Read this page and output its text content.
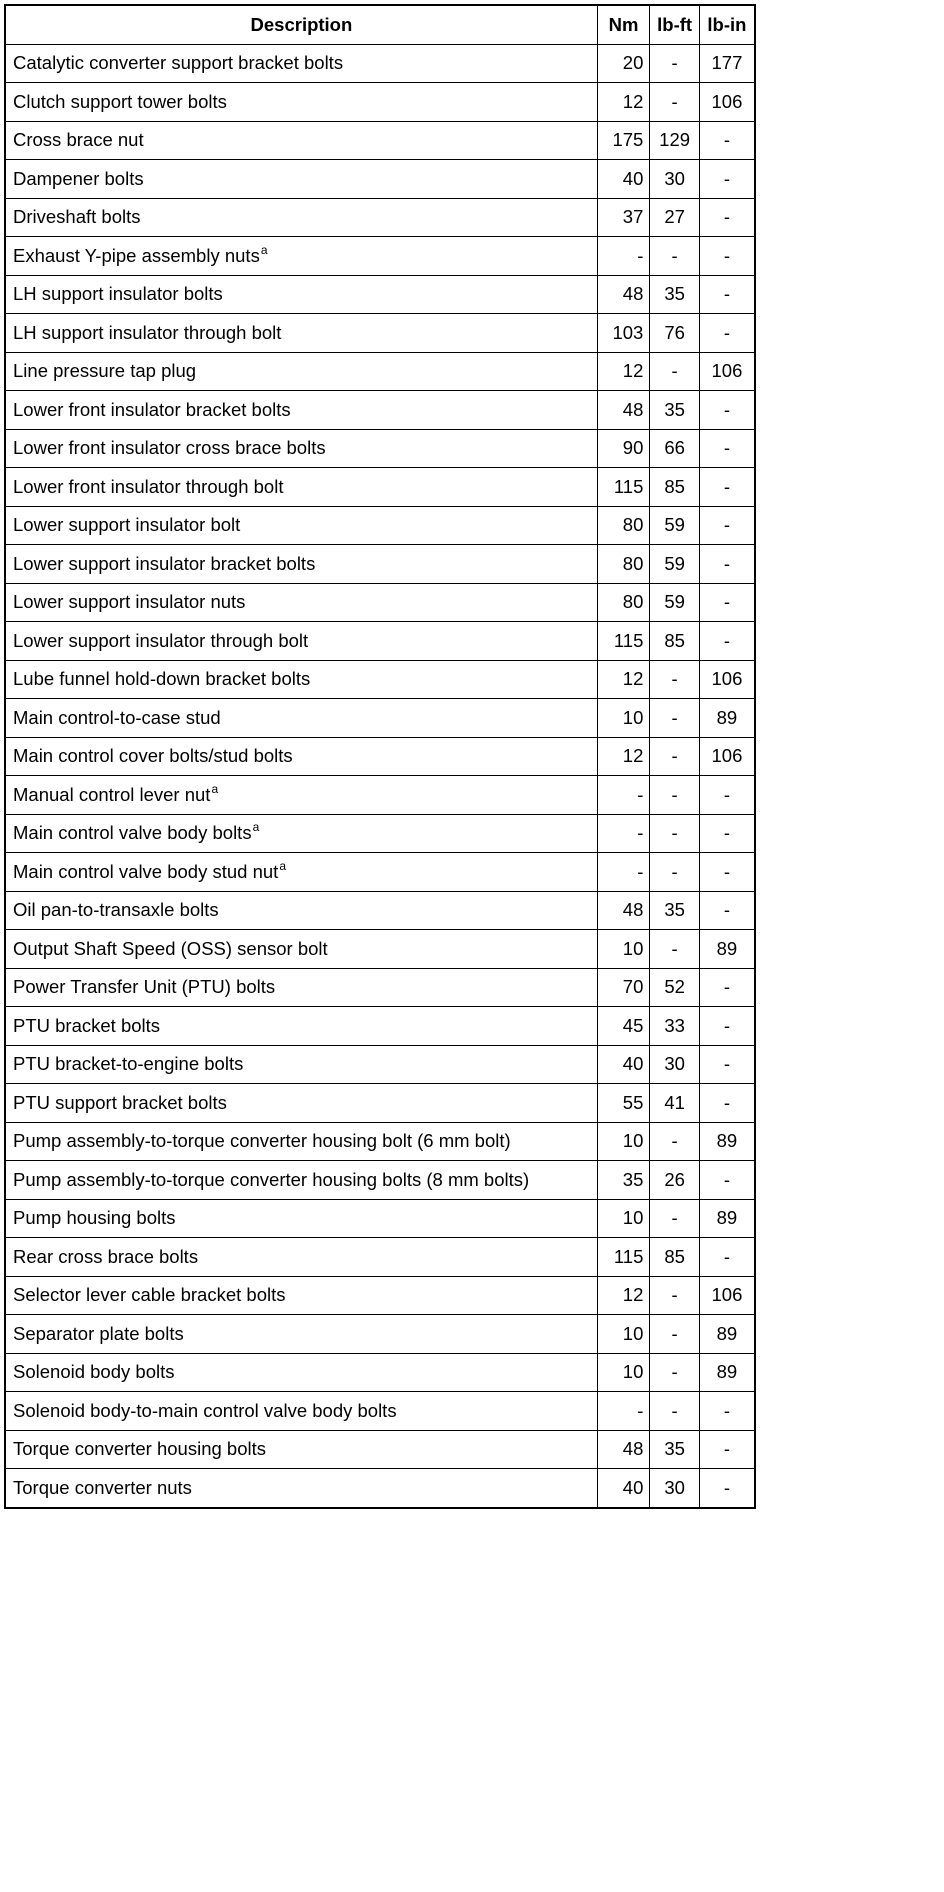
Description	Nm	lb-ft	lb-in
Catalytic converter support bracket bolts	20	-	177
Clutch support tower bolts	12	-	106
Cross brace nut	175	129	-
Dampener bolts	40	30	-
Driveshaft bolts	37	27	-
Exhaust Y-pipe assembly nuts$^a$	-	-	-
LH support insulator bolts	48	35	-
LH support insulator through bolt	103	76	-
Line pressure tap plug	12	-	106
Lower front insulator bracket bolts	48	35	-
Lower front insulator cross brace bolts	90	66	-
Lower front insulator through bolt	115	85	-
Lower support insulator bolt	80	59	-
Lower support insulator bracket bolts	80	59	-
Lower support insulator nuts	80	59	-
Lower support insulator through bolt	115	85	-
Lube funnel hold-down bracket bolts	12	-	106
Main control-to-case stud	10	-	89
Main control cover bolts/stud bolts	12	-	106
Manual control lever nut$^a$	-	-	-
Main control valve body bolts$^a$	-	-	-
Main control valve body stud nut$^a$	-	-	-
Oil pan-to-transaxle bolts	48	35	-
Output Shaft Speed (OSS) sensor bolt	10	-	89
Power Transfer Unit (PTU) bolts	70	52	-
PTU bracket bolts	45	33	-
PTU bracket-to-engine bolts	40	30	-
PTU support bracket bolts	55	41	-
Pump assembly-to-torque converter housing bolt (6 mm bolt)	10	-	89
Pump assembly-to-torque converter housing bolts (8 mm bolts)	35	26	-
Pump housing bolts	10	-	89
Rear cross brace bolts	115	85	-
Selector lever cable bracket bolts	12	-	106
Separator plate bolts	10	-	89
Solenoid body bolts	10	-	89
Solenoid body-to-main control valve body bolts	-	-	-
Torque converter housing bolts	48	35	-
Torque converter nuts	40	30	-
